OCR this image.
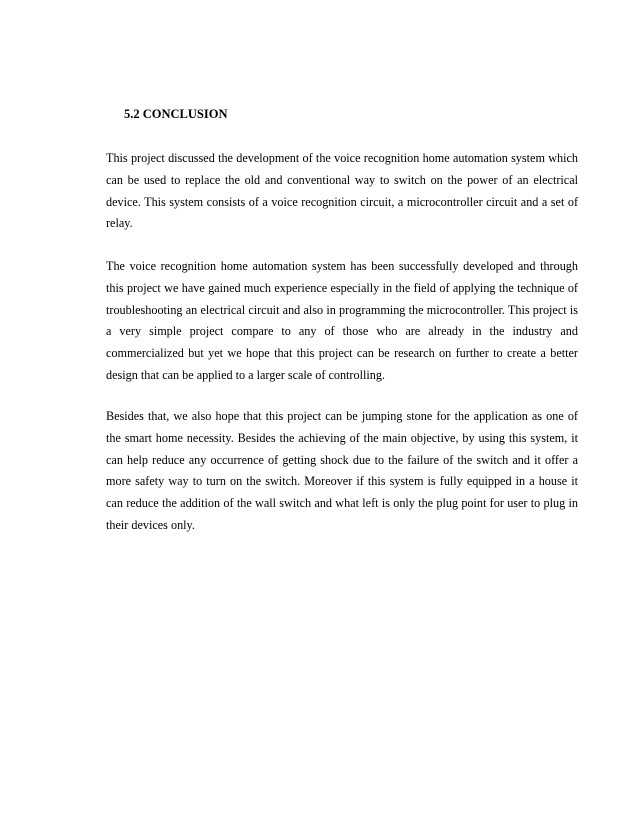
5.2 CONCLUSION

This project discussed the development of the voice recognition home automation system which can be used to replace the old and conventional way to switch on the power of an electrical device. This system consists of a voice recognition circuit, a microcontroller circuit and a set of relay.

The voice recognition home automation system has been successfully developed and through this project we have gained much experience especially in the field of applying the technique of troubleshooting an electrical circuit and also in programming the microcontroller. This project is a very simple project compare to any of those who are already in the industry and commercialized but yet we hope that this project can be research on further to create a better design that can be applied to a larger scale of controlling.

Besides that, we also hope that this project can be jumping stone for the application as one of the smart home necessity. Besides the achieving of the main objective, by using this system, it can help reduce any occurrence of getting shock due to the failure of the switch and it offer a more safety way to turn on the switch. Moreover if this system is fully equipped in a house it can reduce the addition of the wall switch and what left is only the plug point for user to plug in their devices only.
